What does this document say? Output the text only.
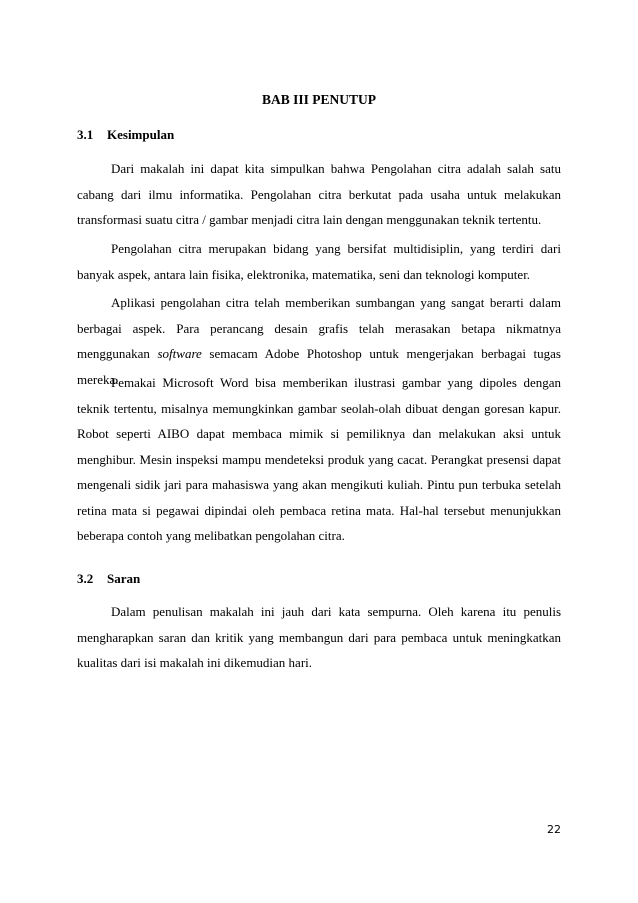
BAB III PENUTUP
3.1 Kesimpulan

Dari makalah ini dapat kita simpulkan bahwa Pengolahan citra adalah salah satu cabang dari ilmu informatika. Pengolahan citra berkutat pada usaha untuk melakukan transformasi suatu citra / gambar menjadi citra lain dengan menggunakan teknik tertentu.

Pengolahan citra merupakan bidang yang bersifat multidisiplin, yang terdiri dari banyak aspek, antara lain fisika, elektronika, matematika, seni dan teknologi komputer.

Aplikasi pengolahan citra telah memberikan sumbangan yang sangat berarti dalam berbagai aspek. Para perancang desain grafis telah merasakan betapa nikmatnya menggunakan software semacam Adobe Photoshop untuk mengerjakan berbagai tugas mereka.

Pemakai Microsoft Word bisa memberikan ilustrasi gambar yang dipoles dengan teknik tertentu, misalnya memungkinkan gambar seolah-olah dibuat dengan goresan kapur. Robot seperti AIBO dapat membaca mimik si pemiliknya dan melakukan aksi untuk menghibur. Mesin inspeksi mampu mendeteksi produk yang cacat. Perangkat presensi dapat mengenali sidik jari para mahasiswa yang akan mengikuti kuliah. Pintu pun terbuka setelah retina mata si pegawai dipindai oleh pembaca retina mata. Hal-hal tersebut menunjukkan beberapa contoh yang melibatkan pengolahan citra.

3.2 Saran

Dalam penulisan makalah ini jauh dari kata sempurna. Oleh karena itu penulis mengharapkan saran dan kritik yang membangun dari para pembaca untuk meningkatkan kualitas dari isi makalah ini dikemudian hari.

22
